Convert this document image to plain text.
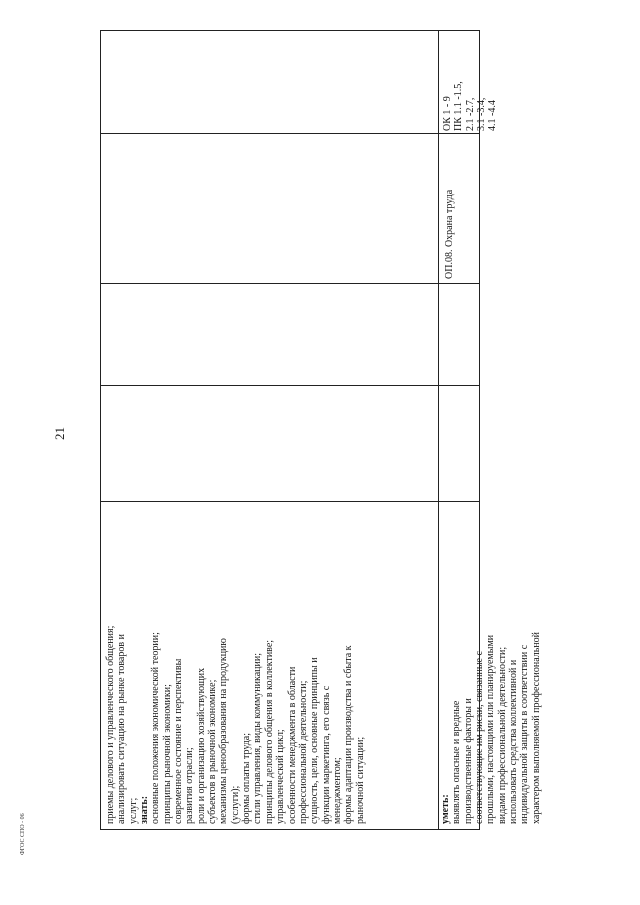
21
ФГОС СПО - 06
приемы делового и управленческого общения; анализировать ситуацию на рынке товаров и услуг; знать: основные положения экономической теории; принципы рыночной экономики; современное состояние и перспективы развития отрасли; роли и организацию хозяйствующих субъектов в рыночной экономике; механизмы ценообразования на продукцию (услуги); формы оплаты труда; стили управления, виды коммуникации; принципы делового общения в коллективе; управленческий цикл; особенности менеджмента в области профессиональной деятельности; сущность, цели, основные принципы и функции маркетинга, его связь с менеджментом; формы адаптации производства и сбыта к рыночной ситуации;	уметь: выявлять опасные и вредные производственные факторы и соответствующие им риски, связанные с прошлыми, настоящими или планируемыми видами профессиональной деятельности; использовать средства коллективной и индивидуальной защиты в соответствии с характером выполняемой профессиональной
ОП.08. Охрана труда
ОК 1 - 9 ПК 1.1 -1.5, 2.1 -2.7, 3.1 -3.4, 4.1 -4.4
